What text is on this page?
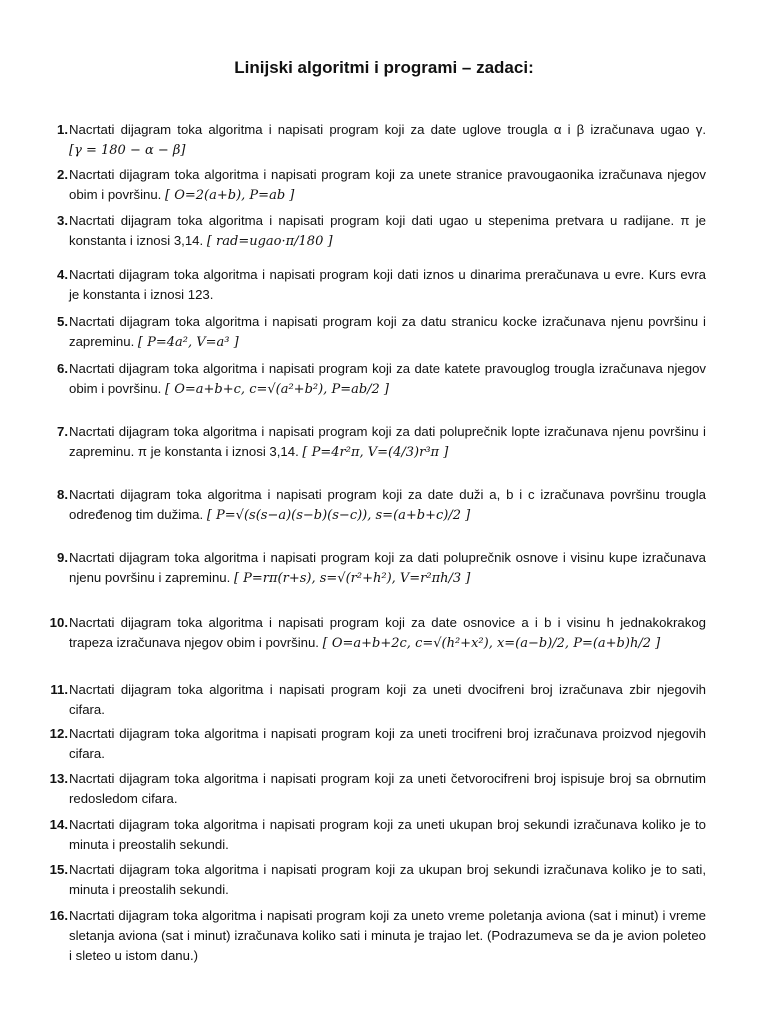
Linijski algoritmi i programi – zadaci:
1. Nacrtati dijagram toka algoritma i napisati program koji za date uglove trougla α i β izračunava ugao γ. [γ = 180 − α − β]
2. Nacrtati dijagram toka algoritma i napisati program koji za unete stranice pravougaonika izračunava njegov obim i površinu. [ O=2(a+b), P=ab ]
3. Nacrtati dijagram toka algoritma i napisati program koji dati ugao u stepenima pretvara u radijane. π je konstanta i iznosi 3,14. [ rad=ugao·π/180 ]
4. Nacrtati dijagram toka algoritma i napisati program koji dati iznos u dinarima preračunava u evre. Kurs evra je konstanta i iznosi 123.
5. Nacrtati dijagram toka algoritma i napisati program koji za datu stranicu kocke izračunava njenu površinu i zapreminu. [ P=4a², V=a³ ]
6. Nacrtati dijagram toka algoritma i napisati program koji za date katete pravouglog trougla izračunava njegov obim i površinu. [ O=a+b+c, c=√(a²+b²), P=ab/2 ]
7. Nacrtati dijagram toka algoritma i napisati program koji za dati poluprečnik lopte izračunava njenu površinu i zapreminu. π je konstanta i iznosi 3,14. [ P=4r²π, V=(4/3)r³π ]
8. Nacrtati dijagram toka algoritma i napisati program koji za date duži a, b i c izračunava površinu trougla određenog tim dužima. [ P=√(s(s−a)(s−b)(s−c)), s=(a+b+c)/2 ]
9. Nacrtati dijagram toka algoritma i napisati program koji za dati poluprečnik osnove i visinu kupe izračunava njenu površinu i zapreminu. [ P=rπ(r+s), s=√(r²+h²), V=r²πh/3 ]
10. Nacrtati dijagram toka algoritma i napisati program koji za date osnovice a i b i visinu h jednakokrakog trapeza izračunava njegov obim i površinu. [ O=a+b+2c, c=√(h²+x²), x=(a−b)/2, P=(a+b)h/2 ]
11. Nacrtati dijagram toka algoritma i napisati program koji za uneti dvocifreni broj izračunava zbir njegovih cifara.
12. Nacrtati dijagram toka algoritma i napisati program koji za uneti trocifreni broj izračunava proizvod njegovih cifara.
13. Nacrtati dijagram toka algoritma i napisati program koji za uneti četvorocifreni broj ispisuje broj sa obrnutim redosledom cifara.
14. Nacrtati dijagram toka algoritma i napisati program koji za uneti ukupan broj sekundi izračunava koliko je to minuta i preostalih sekundi.
15. Nacrtati dijagram toka algoritma i napisati program koji za ukupan broj sekundi izračunava koliko je to sati, minuta i preostalih sekundi.
16. Nacrtati dijagram toka algoritma i napisati program koji za uneto vreme poletanja aviona (sat i minut) i vreme sletanja aviona (sat i minut) izračunava koliko sati i minuta je trajao let. (Podrazumeva se da je avion poleteo i sleteo u istom danu.)
